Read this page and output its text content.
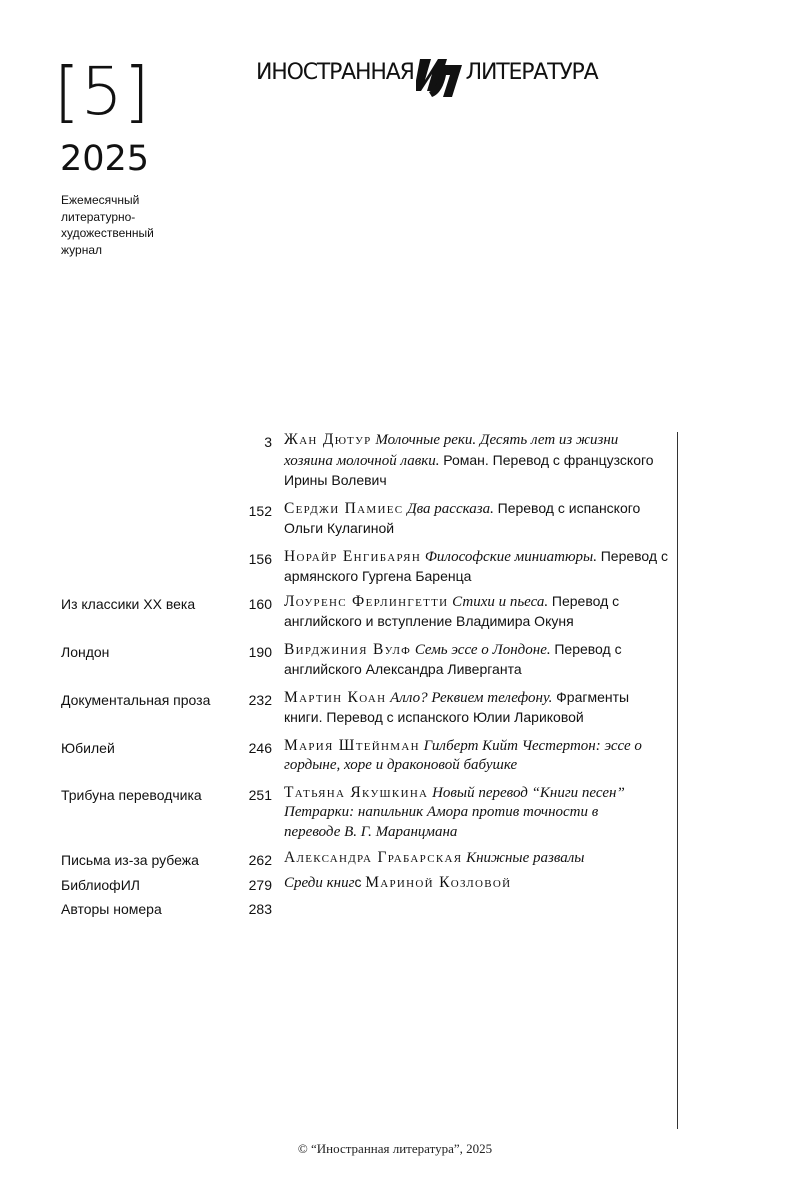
[5]
2025
Ежемесячный
литературно-
художественный
журнал
ИНОСТРАННАЯ ЛИТЕРАТУРА
3 Жан Дютур Молочные реки. Десять лет из жизни хозяина молочной лавки. Роман. Перевод с французского Ирины Волевич
152 Серджи Памиес Два рассказа. Перевод с испанского Ольги Кулагиной
156 Норайр Енгибарян Философские миниатюры. Перевод с армянского Гургена Баренца
Из классики XX века	160 Лоуренс Ферлингетти Стихи и пьеса. Перевод с английского и вступление Владимира Окуня
Лондон	190 Вирджиния Вулф Семь эссе о Лондоне. Перевод с английского Александра Ливерганта
Документальная проза	232 Мартин Коан Алло? Реквием телефону. Фрагменты книги. Перевод с испанского Юлии Лариковой
Юбилей	246 Мария Штейнман Гилберт Кийт Честертон: эссе о гордыне, хоре и драконовой бабушке
Трибуна переводчика	251 Татьяна Якушкина Новый перевод “Книги песен” Петрарки: напильник Амора против точности в переводе В. Г. Маранцмана
Письма из-за рубежа	262 Александра Грабарская Книжные развалы
БиблиофИЛ	279 Среди книгс Мариной Козловой
Авторы номера	283

© “Иностранная литература”, 2025
